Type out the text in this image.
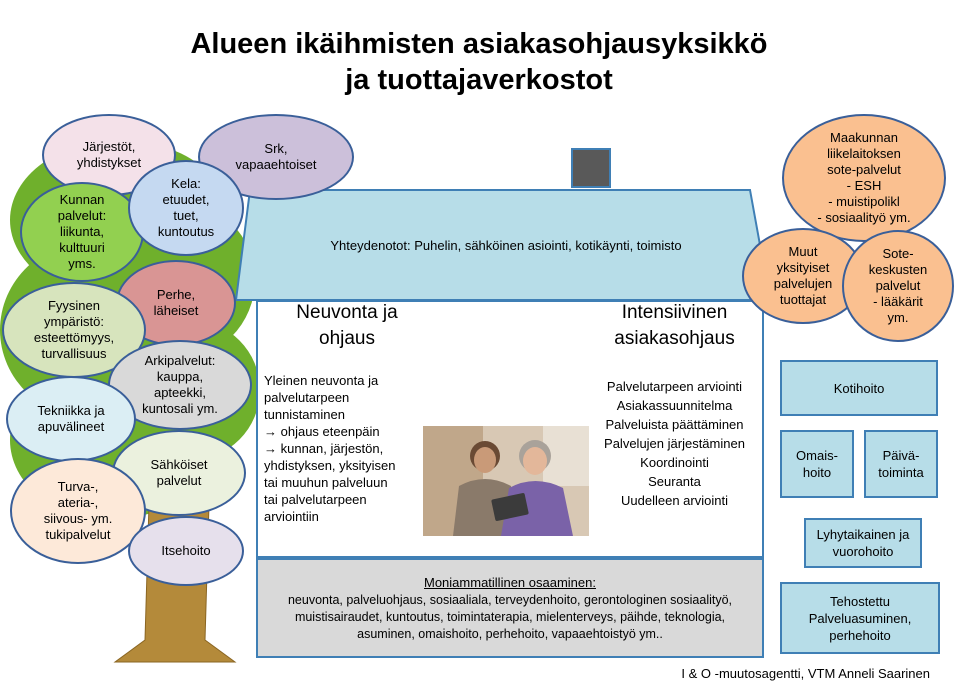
Alueen ikäihmisten asiakasohjausyksikkö
ja tuottajaverkostot
Yhteydenotot: Puhelin, sähköinen asiointi, kotikäynti, toimisto
Neuvonta ja
ohjaus
Intensiivinen
asiakasohjaus
Yleinen neuvonta ja
palvelutarpeen
tunnistaminen
→ ohjaus eteenpäin
→ kunnan, järjestön,
yhdistyksen, yksityisen
tai muuhun palveluun
tai palvelutarpeen
arviointiin
Palvelutarpeen arviointi
Asiakassuunnitelma
Palveluista päättäminen
Palvelujen järjestäminen
Koordinointi
Seuranta
Uudelleen arviointi
Moniammatillinen osaaminen:
neuvonta, palveluohjaus, sosiaaliala, terveydenhoito, gerontologinen sosiaalityö,
muistisairaudet, kuntoutus, toimintaterapia, mielenterveys, päihde, teknologia,
asuminen, omaishoito, perhehoito, vapaaehtoistyö ym..
Järjestöt,
yhdistykset
Srk,
vapaaehtoiset
Kunnan
palvelut:
liikunta,
kulttuuri
yms.
Kela:
etuudet,
tuet,
kuntoutus
Perhe,
läheiset
Fyysinen
ympäristö:
esteettömyys,
turvallisuus	Arkipalvelut:
kauppa,
apteekki,
kuntosali ym.
Tekniikka ja
apuvälineet
Sähköiset
palvelut
Turva-,
ateria-,
siivous- ym.
tukipalvelut
Itsehoito
Maakunnan
liikelaitoksen
sote-palvelut
- ESH
- muistipolikl
- sosiaalityö ym.
Muut
yksityiset
palvelujen
tuottajat
Sote-
keskusten
palvelut
- lääkärit
ym.
Kotihoito
Omais-
hoito
Päivä-
toiminta
Lyhytaikainen ja
vuorohoito
Tehostettu
Palveluasuminen,
perhehoito
I & O -muutosagentti, VTM Anneli Saarinen
